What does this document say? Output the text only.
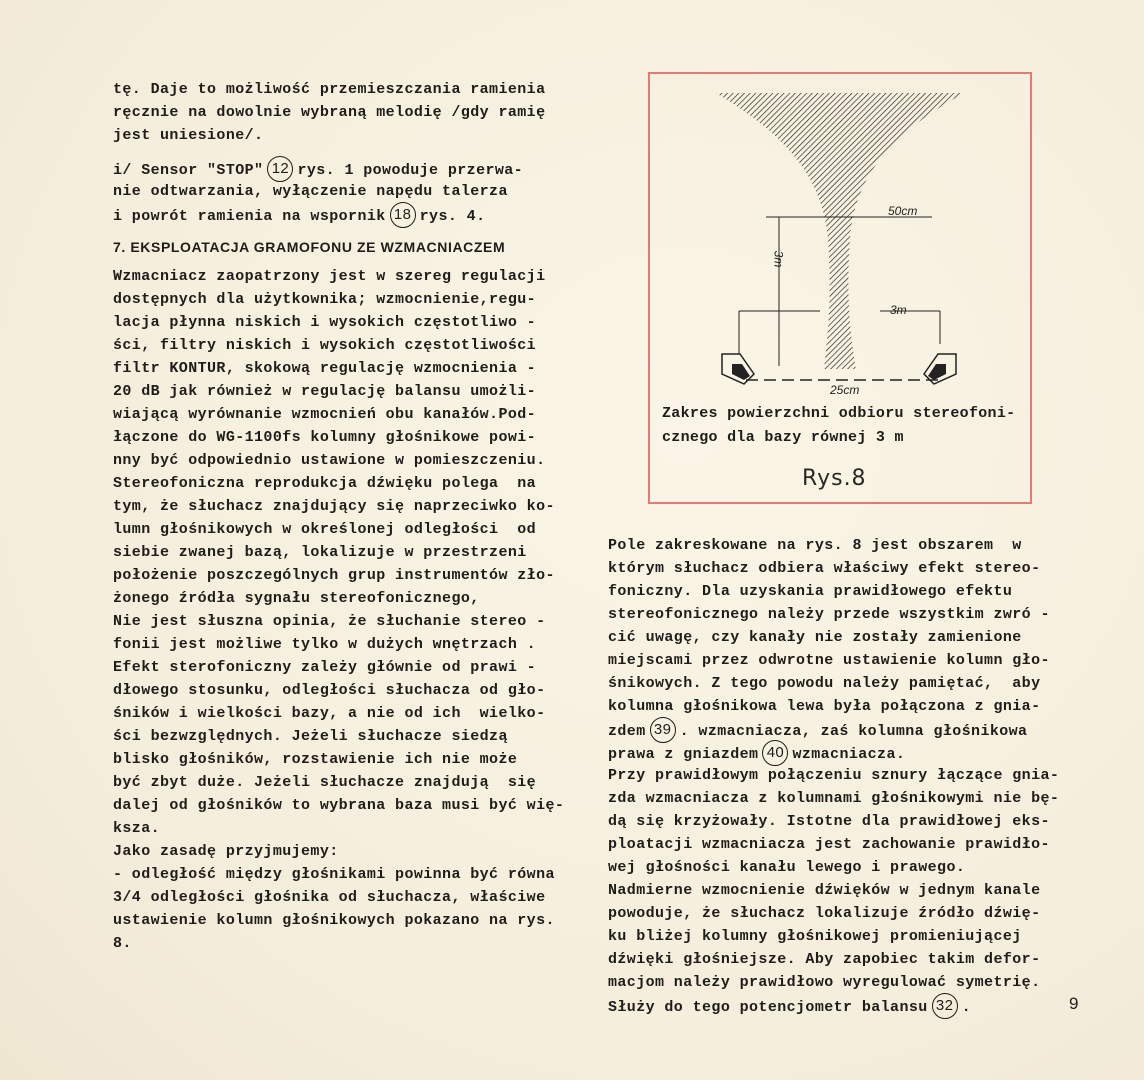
tę. Daje to możliwość przemieszczania ramienia
ręcznie na dowolnie wybraną melodię /gdy ramię
jest uniesione/.
i/ Sensor "STOP" 12 rys. 1 powoduje przerwa-
nie odtwarzania, wyłączenie napędu talerza
i powrót ramienia na wspornik 18 rys. 4.
7. EKSPLOATACJA GRAMOFONU ZE WZMACNIACZEM
Wzmacniacz zaopatrzony jest w szereg regulacji
dostępnych dla użytkownika; wzmocnienie,regu-
lacja płynna niskich i wysokich częstotliwo -
ści, filtry niskich i wysokich częstotliwości
filtr KONTUR, skokową regulację wzmocnienia -
20 dB jak również w regulację balansu umożli-
wiającą wyrównanie wzmocnień obu kanałów.Pod-
łączone do WG-1100fs kolumny głośnikowe powi-
nny być odpowiednio ustawione w pomieszczeniu.
Stereofoniczna reprodukcja dźwięku polega  na
tym, że słuchacz znajdujący się naprzeciwko ko-
lumn głośnikowych w określonej odległości  od
siebie zwanej bazą, lokalizuje w przestrzeni
położenie poszczególnych grup instrumentów zło-
żonego źródła sygnału stereofonicznego,
Nie jest słuszna opinia, że słuchanie stereo -
fonii jest możliwe tylko w dużych wnętrzach .
Efekt sterofoniczny zależy głównie od prawi -
dłowego stosunku, odległości słuchacza od gło-
śników i wielkości bazy, a nie od ich  wielko-
ści bezwzględnych. Jeżeli słuchacze siedzą
blisko głośników, rozstawienie ich nie może
być zbyt duże. Jeżeli słuchacze znajdują  się
dalej od głośników to wybrana baza musi być wię-
ksza.
Jako zasadę przyjmujemy:
- odległość między głośnikami powinna być równa
3/4 odległości głośnika od słuchacza, właściwe
ustawienie kolumn głośnikowych pokazano na rys.
8.
50cm
3m
3m
25cm
Zakres powierzchni odbioru stereofoni-
cznego dla bazy równej 3 m
Rys.8
Pole zakreskowane na rys. 8 jest obszarem  w
którym słuchacz odbiera właściwy efekt stereo-
foniczny. Dla uzyskania prawidłowego efektu
stereofonicznego należy przede wszystkim zwró -
cić uwagę, czy kanały nie zostały zamienione
miejscami przez odwrotne ustawienie kolumn gło-
śnikowych. Z tego powodu należy pamiętać,  aby
kolumna głośnikowa lewa była połączona z gnia-
zdem 39 . wzmacniacza, zaś kolumna głośnikowa
prawa z gniazdem 40 wzmacniacza.
Przy prawidłowym połączeniu sznury łączące gnia-
zda wzmacniacza z kolumnami głośnikowymi nie bę-
dą się krzyżowały. Istotne dla prawidłowej eks-
ploatacji wzmacniacza jest zachowanie prawidło-
wej głośności kanału lewego i prawego.
Nadmierne wzmocnienie dźwięków w jednym kanale
powoduje, że słuchacz lokalizuje źródło dźwię-
ku bliżej kolumny głośnikowej promieniującej
dźwięki głośniejsze. Aby zapobiec takim defor-
macjom należy prawidłowo wyregulować symetrię.
Służy do tego potencjometr balansu 32 .	9
